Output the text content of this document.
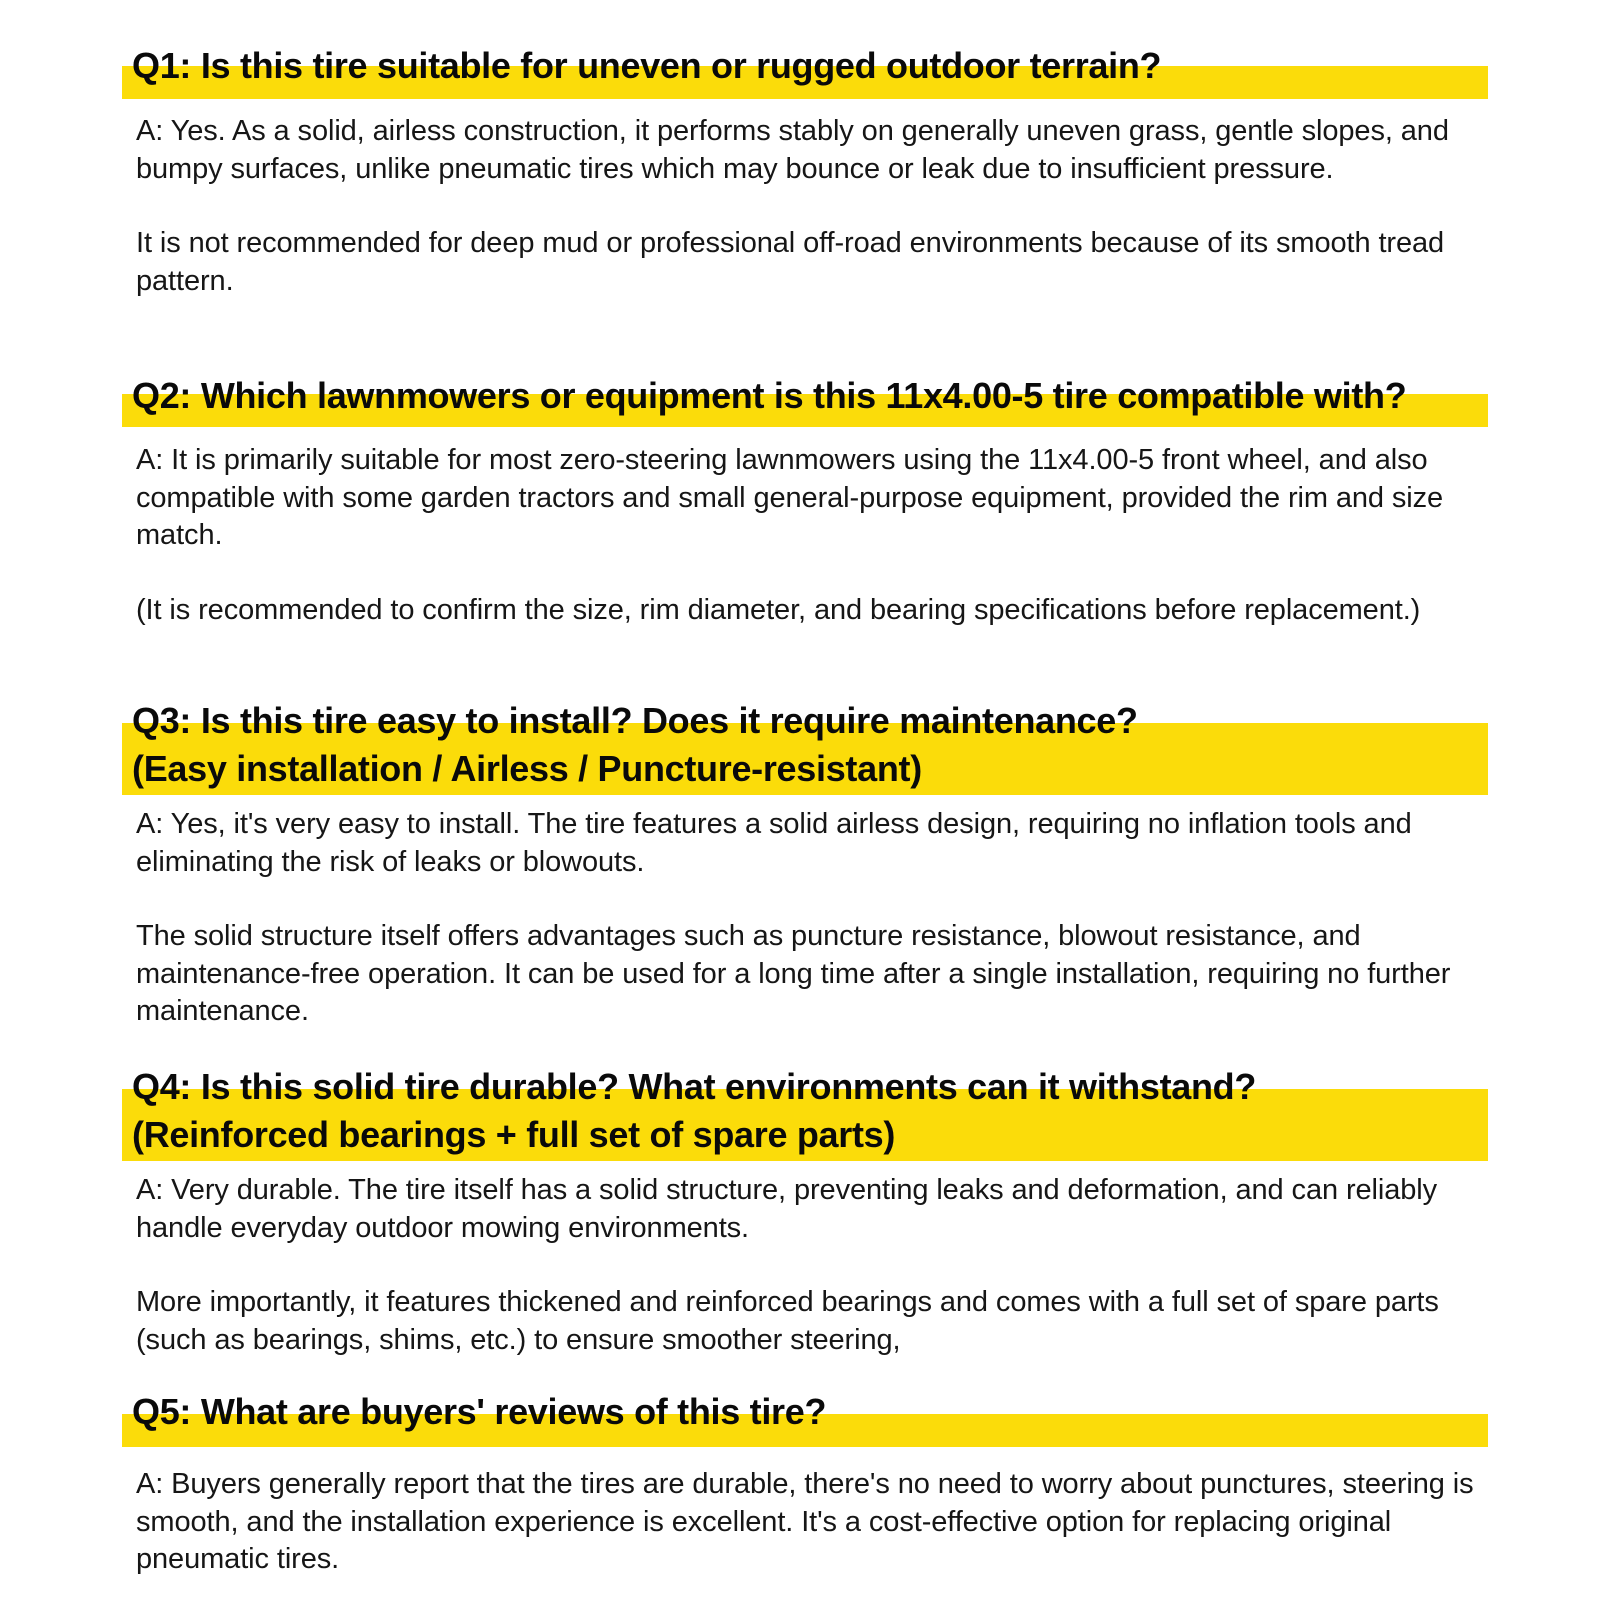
Q1: Is this tire suitable for uneven or rugged outdoor terrain?

A: Yes. As a solid, airless construction, it performs stably on generally uneven grass, gentle slopes, and bumpy surfaces, unlike pneumatic tires which may bounce or leak due to insufficient pressure.

It is not recommended for deep mud or professional off-road environments because of its smooth tread pattern.

Q2: Which lawnmowers or equipment is this 11x4.00-5 tire compatible with?

A: It is primarily suitable for most zero-steering lawnmowers using the 11x4.00-5 front wheel, and also compatible with some garden tractors and small general-purpose equipment, provided the rim and size match.

(It is recommended to confirm the size, rim diameter, and bearing specifications before replacement.)

Q3: Is this tire easy to install? Does it require maintenance?
(Easy installation / Airless / Puncture-resistant)

A: Yes, it's very easy to install. The tire features a solid airless design, requiring no inflation tools and eliminating the risk of leaks or blowouts.

The solid structure itself offers advantages such as puncture resistance, blowout resistance, and maintenance-free operation. It can be used for a long time after a single installation, requiring no further maintenance.

Q4: Is this solid tire durable? What environments can it withstand?
(Reinforced bearings + full set of spare parts)

A: Very durable. The tire itself has a solid structure, preventing leaks and deformation, and can reliably handle everyday outdoor mowing environments.

More importantly, it features thickened and reinforced bearings and comes with a full set of spare parts (such as bearings, shims, etc.) to ensure smoother steering,

Q5: What are buyers' reviews of this tire?

A: Buyers generally report that the tires are durable, there's no need to worry about punctures, steering is smooth, and the installation experience is excellent. It's a cost-effective option for replacing original pneumatic tires.
